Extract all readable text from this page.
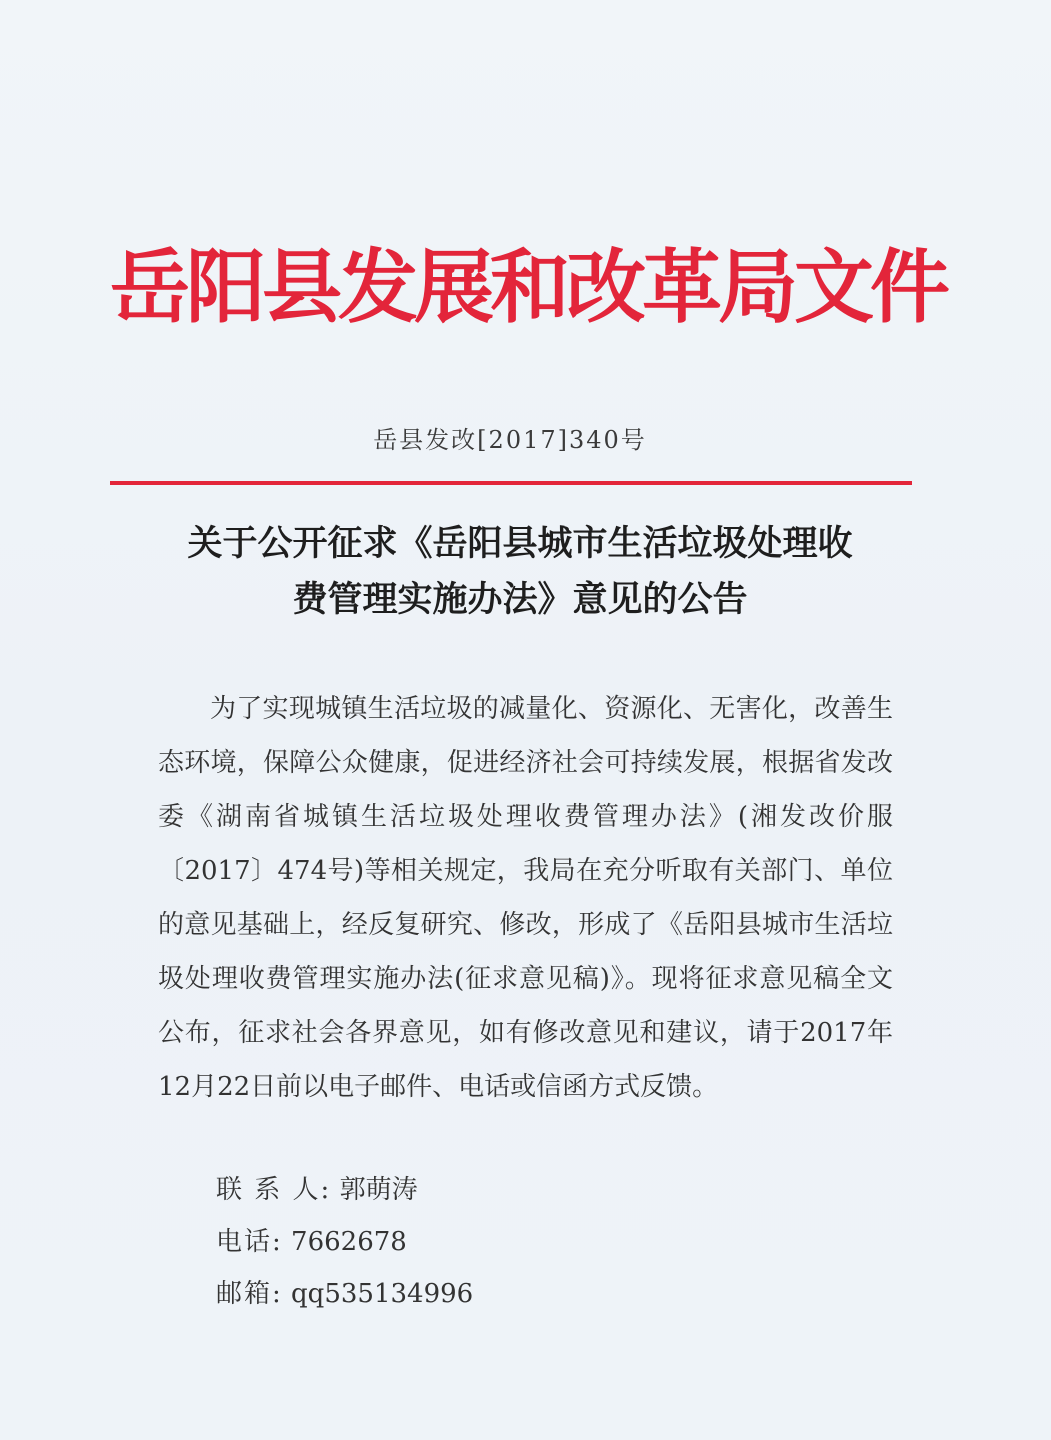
岳阳县发展和改革局文件
岳县发改[2017]340号
关于公开征求《岳阳县城市生活垃圾处理收
费管理实施办法》意见的公告

为了实现城镇生活垃圾的减量化、资源化、无害化，改善生态环境，保障公众健康，促进经济社会可持续发展，根据省发改委《湖南省城镇生活垃圾处理收费管理办法》(湘发改价服〔2017〕474号)等相关规定，我局在充分听取有关部门、单位的意见基础上，经反复研究、修改，形成了《岳阳县城市生活垃圾处理收费管理实施办法(征求意见稿)》。现将征求意见稿全文公布，征求社会各界意见，如有修改意见和建议，请于2017年12月22日前以电子邮件、电话或信函方式反馈。

联 系 人: 郭萌涛
电话: 7662678
邮箱: qq535134996
